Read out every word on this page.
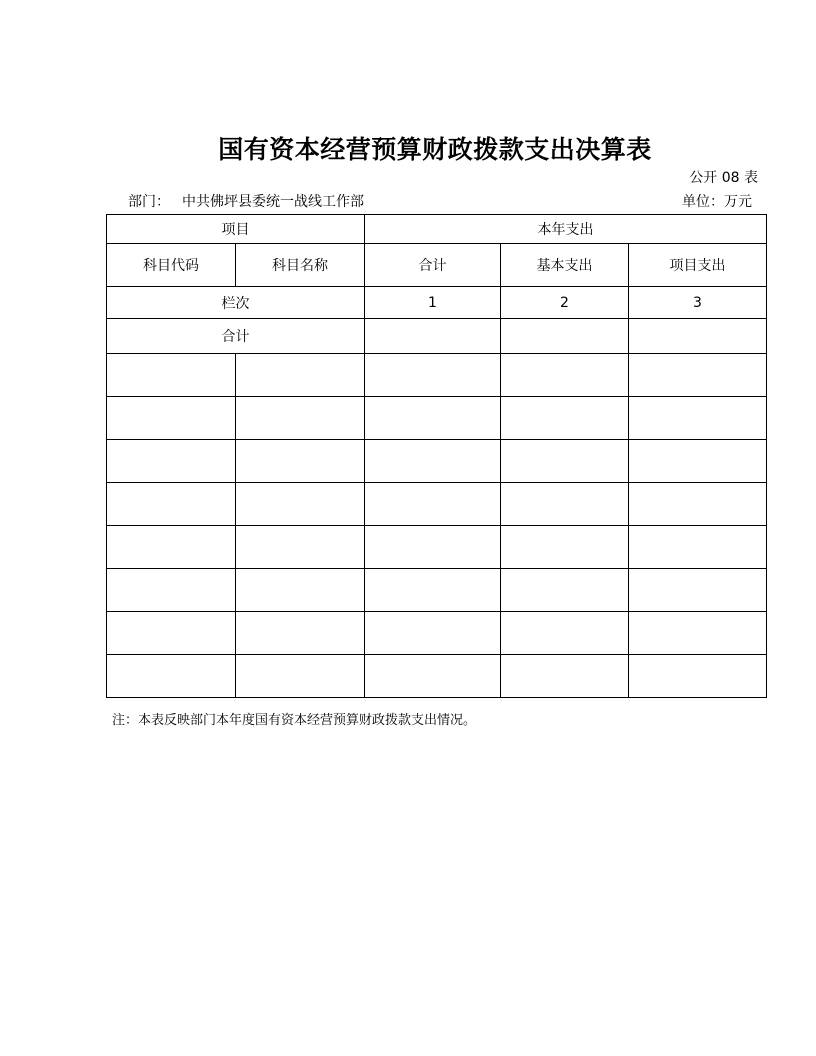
国有资本经营预算财政拨款支出决算表
公开 08 表
部门： 中共佛坪县委统一战线工作部	单位：万元
项目		本年支出		
科目代码	科目名称	合计	基本支出	项目支出
栏次		1	2	3
合计				

注：本表反映部门本年度国有资本经营预算财政拨款支出情况。
